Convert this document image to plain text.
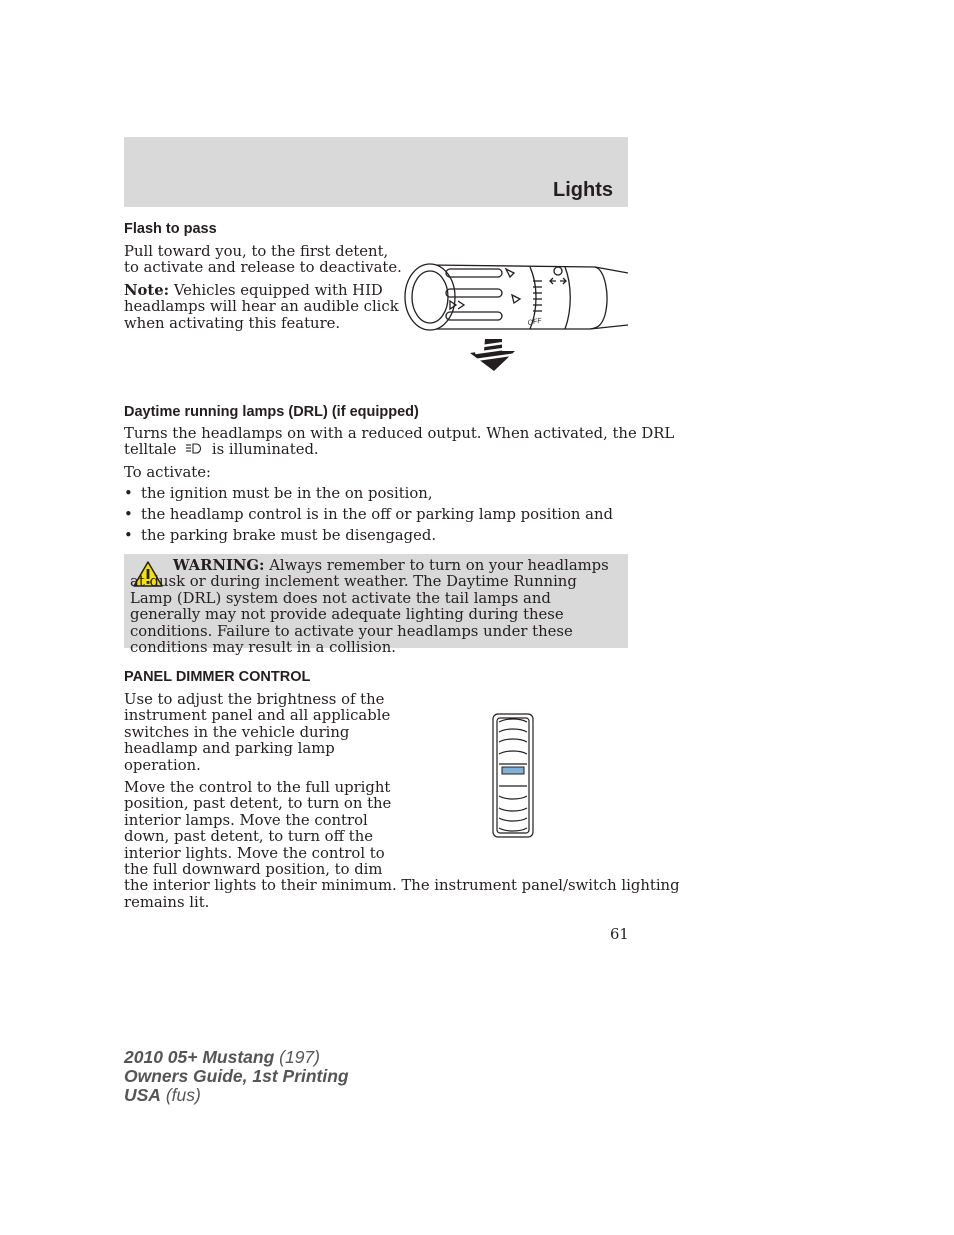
Lights
Flash to pass
Pull toward you, to the first detent,
to activate and release to deactivate.
Note: Vehicles equipped with HID
headlamps will hear an audible click
when activating this feature.	OFF
Daytime running lamps (DRL) (if equipped)
Turns the headlamps on with a reduced output. When activated, the DRL
telltale is illuminated.
To activate:
• the ignition must be in the on position,
• the headlamp control is in the off or parking lamp position and
• the parking brake must be disengaged.
WARNING: Always remember to turn on your headlamps at dusk or during inclement weather. The Daytime Running Lamp (DRL) system does not activate the tail lamps and generally may not provide adequate lighting during these conditions. Failure to activate your headlamps under these conditions may result in a collision.
PANEL DIMMER CONTROL
Use to adjust the brightness of the
instrument panel and all applicable
switches in the vehicle during
headlamp and parking lamp
operation.
Move the control to the full upright
position, past detent, to turn on the
interior lamps. Move the control
down, past detent, to turn off the
interior lights. Move the control to
the full downward position, to dim
the interior lights to their minimum. The instrument panel/switch lighting
remains lit.
61
2010 05+ Mustang (197)
Owners Guide, 1st Printing
USA (fus)
